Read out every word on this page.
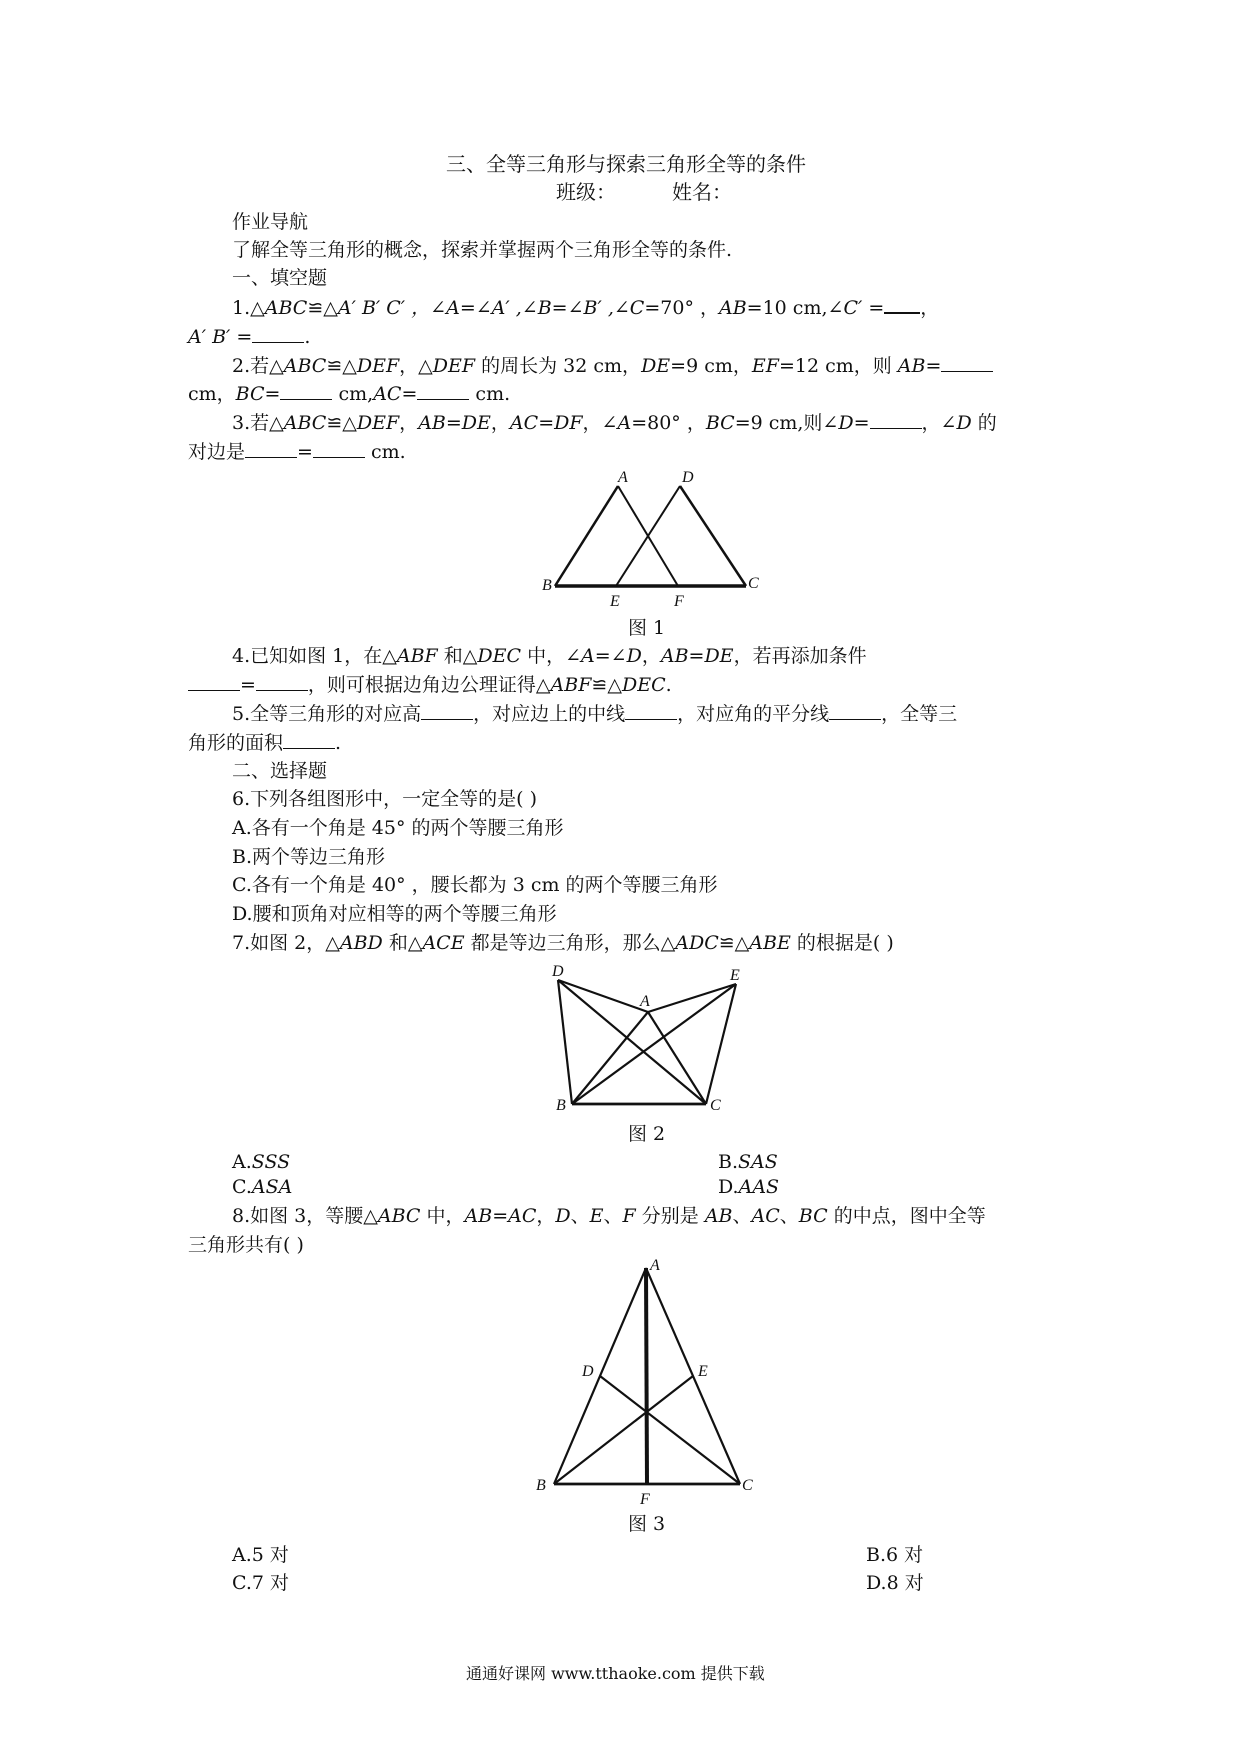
三、全等三角形与探索三角形全等的条件
班级：	姓名：
作业导航
了解全等三角形的概念，探索并掌握两个三角形全等的条件.
一、填空题
1.△ABC≌△A′ B′ C′ ，∠A=∠A′ ,∠B=∠B′ ,∠C=70° ，AB=10 cm,∠C′ = ，
A′ B′ =	.
2.若△ABC≌△DEF，△DEF 的周长为 32 cm，DE=9 cm，EF=12 cm，则 AB=
cm，BC=	cm,AC=	cm.
3.若△ABC≌△DEF，AB=DE，AC=DF，∠A=80° ，BC=9 cm,则∠D=	，∠D 的
对边是	=	cm.
A	D
B	C
E	F
图 1
4.已知如图 1，在△ABF 和△DEC 中，∠A=∠D，AB=DE，若再添加条件
=	，则可根据边角边公理证得△ABF≌△DEC.
5.全等三角形的对应高	，对应边上的中线	，对应角的平分线	，全等三
角形的面积	.
二、选择题
6.下列各组图形中，一定全等的是( )
A.各有一个角是 45° 的两个等腰三角形
B.两个等边三角形
C.各有一个角是 40° ，腰长都为 3 cm 的两个等腰三角形
D.腰和顶角对应相等的两个等腰三角形
7.如图 2，△ABD 和△ACE 都是等边三角形，那么△ADC≌△ABE 的根据是( )
D	E
A
B	C
图 2
A.SSS	B.SAS
C.ASA	D.AAS
8.如图 3，等腰△ABC 中，AB=AC，D、E、F 分别是 AB、AC、BC 的中点，图中全等
三角形共有( )
A
D	E
B	C
F
图 3
A.5 对	B.6 对
C.7 对	D.8 对
通通好课网 www.tthaoke.com 提供下载
